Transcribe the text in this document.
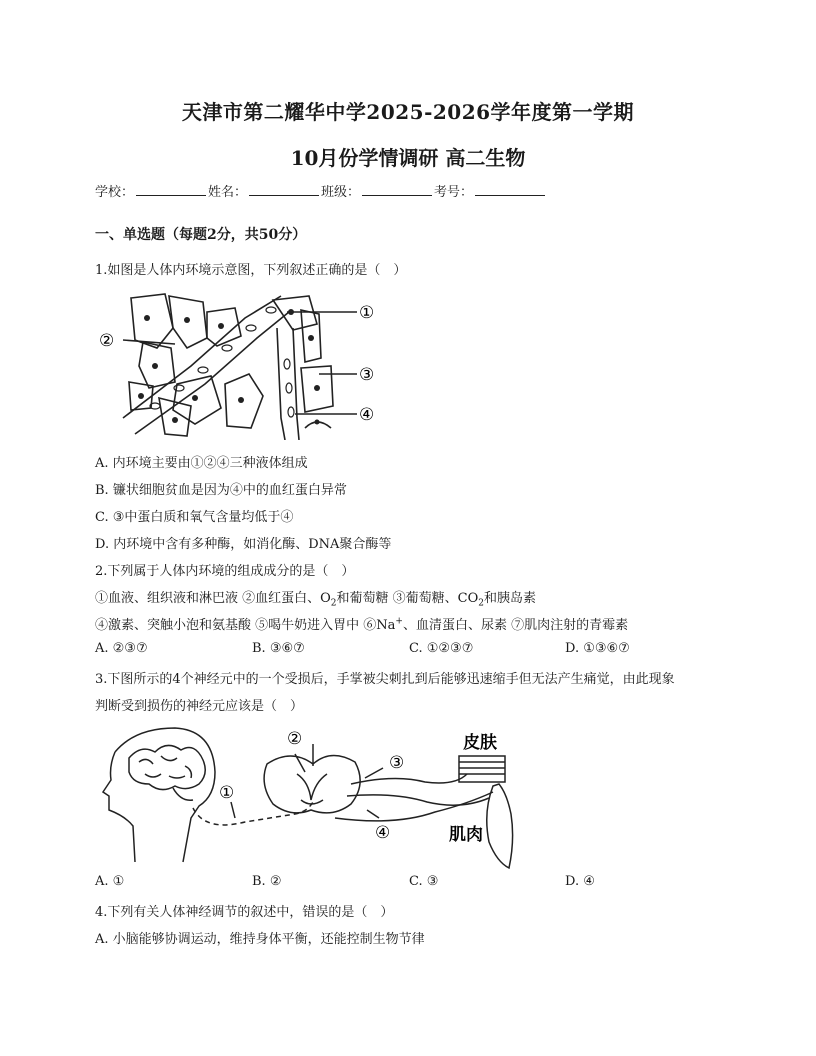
天津市第二耀华中学2025-2026学年度第一学期
10月份学情调研 高二生物
学校：	姓名：	班级：	考号：
一、单选题（每题2分，共50分）
1.如图是人体内环境示意图，下列叙述正确的是（　）
②
①
③
④
A. 内环境主要由①②④三种液体组成
B. 镰状细胞贫血是因为④中的血红蛋白异常
C. ③中蛋白质和氧气含量均低于④
D. 内环境中含有多种酶，如消化酶、DNA聚合酶等
2.下列属于人体内环境的组成成分的是（　）
①血液、组织液和淋巴液 ②血红蛋白、$O_2$和葡萄糖 ③葡萄糖、$CO_2$和胰岛素
④激素、突触小泡和氨基酸 ⑤喝牛奶进入胃中 ⑥Na+、血清蛋白、尿素 ⑦肌肉注射的青霉素
A. ②③⑦	B. ③⑥⑦	C. ①②③⑦	D. ①③⑥⑦
3.下图所示的4个神经元中的一个受损后，手掌被尖刺扎到后能够迅速缩手但无法产生痛觉，由此现象
判断受到损伤的神经元应该是（　）
②
③
①
④
皮肤
肌肉
A. ①	B. ②	C. ③	D. ④
4.下列有关人体神经调节的叙述中，错误的是（　）
A. 小脑能够协调运动，维持身体平衡，还能控制生物节律
